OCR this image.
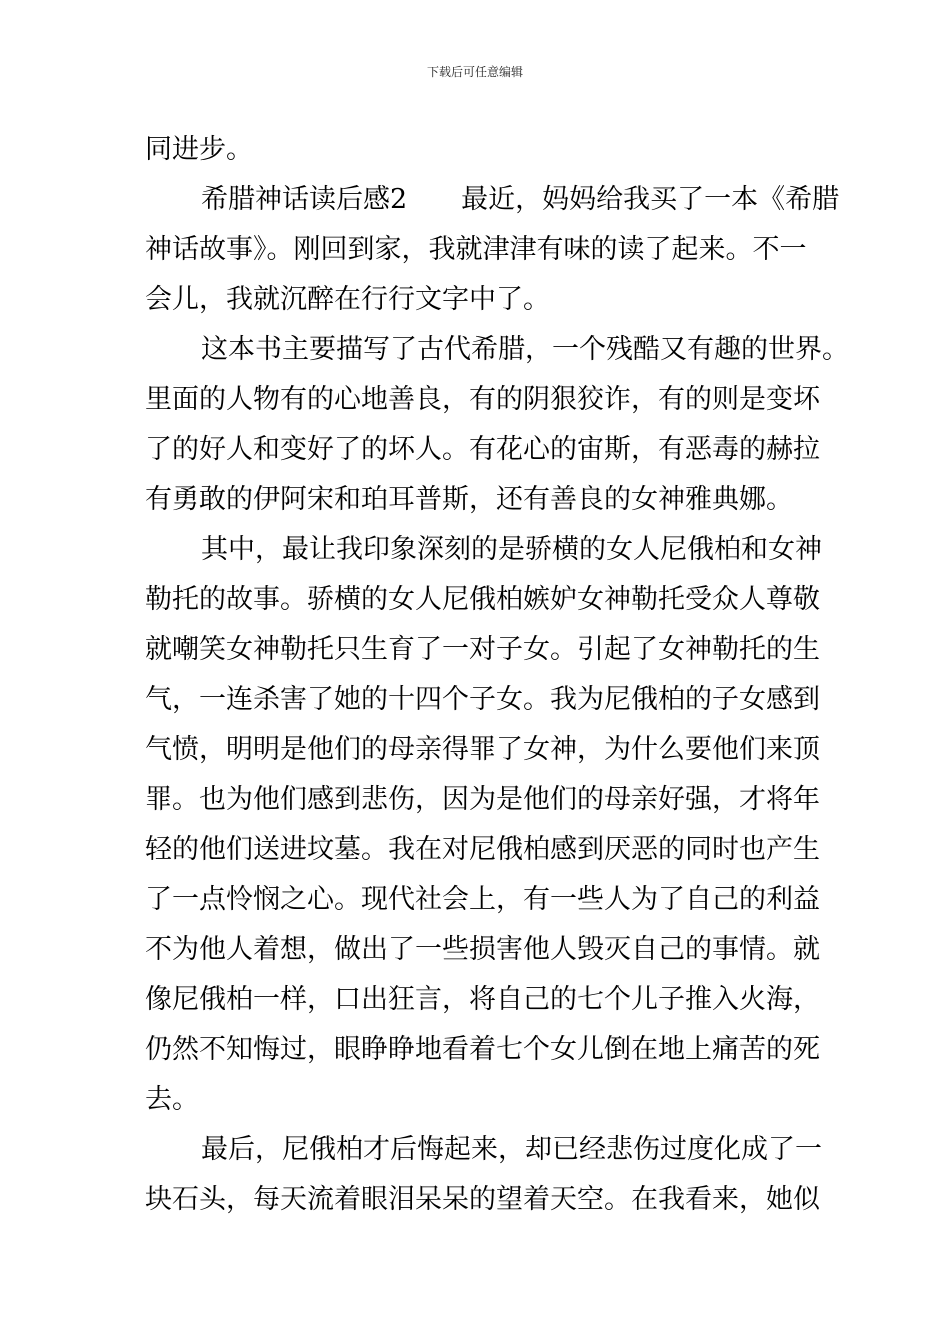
下载后可任意编辑
同进步。
希腊神话读后感2　　最近，妈妈给我买了一本《希腊
神话故事》。刚回到家，我就津津有味的读了起来。不一
会儿，我就沉醉在行行文字中了。
这本书主要描写了古代希腊，一个残酷又有趣的世界。
里面的人物有的心地善良，有的阴狠狡诈，有的则是变坏
了的好人和变好了的坏人。有花心的宙斯，有恶毒的赫拉
有勇敢的伊阿宋和珀耳普斯，还有善良的女神雅典娜。
其中，最让我印象深刻的是骄横的女人尼俄柏和女神
勒托的故事。骄横的女人尼俄柏嫉妒女神勒托受众人尊敬
就嘲笑女神勒托只生育了一对子女。引起了女神勒托的生
气，一连杀害了她的十四个子女。我为尼俄柏的子女感到
气愤，明明是他们的母亲得罪了女神，为什么要他们来顶
罪。也为他们感到悲伤，因为是他们的母亲好强，才将年
轻的他们送进坟墓。我在对尼俄柏感到厌恶的同时也产生
了一点怜悯之心。现代社会上，有一些人为了自己的利益
不为他人着想，做出了一些损害他人毁灭自己的事情。就
像尼俄柏一样，口出狂言，将自己的七个儿子推入火海，
仍然不知悔过，眼睁睁地看着七个女儿倒在地上痛苦的死
去。
最后，尼俄柏才后悔起来，却已经悲伤过度化成了一
块石头，每天流着眼泪呆呆的望着天空。在我看来，她似
